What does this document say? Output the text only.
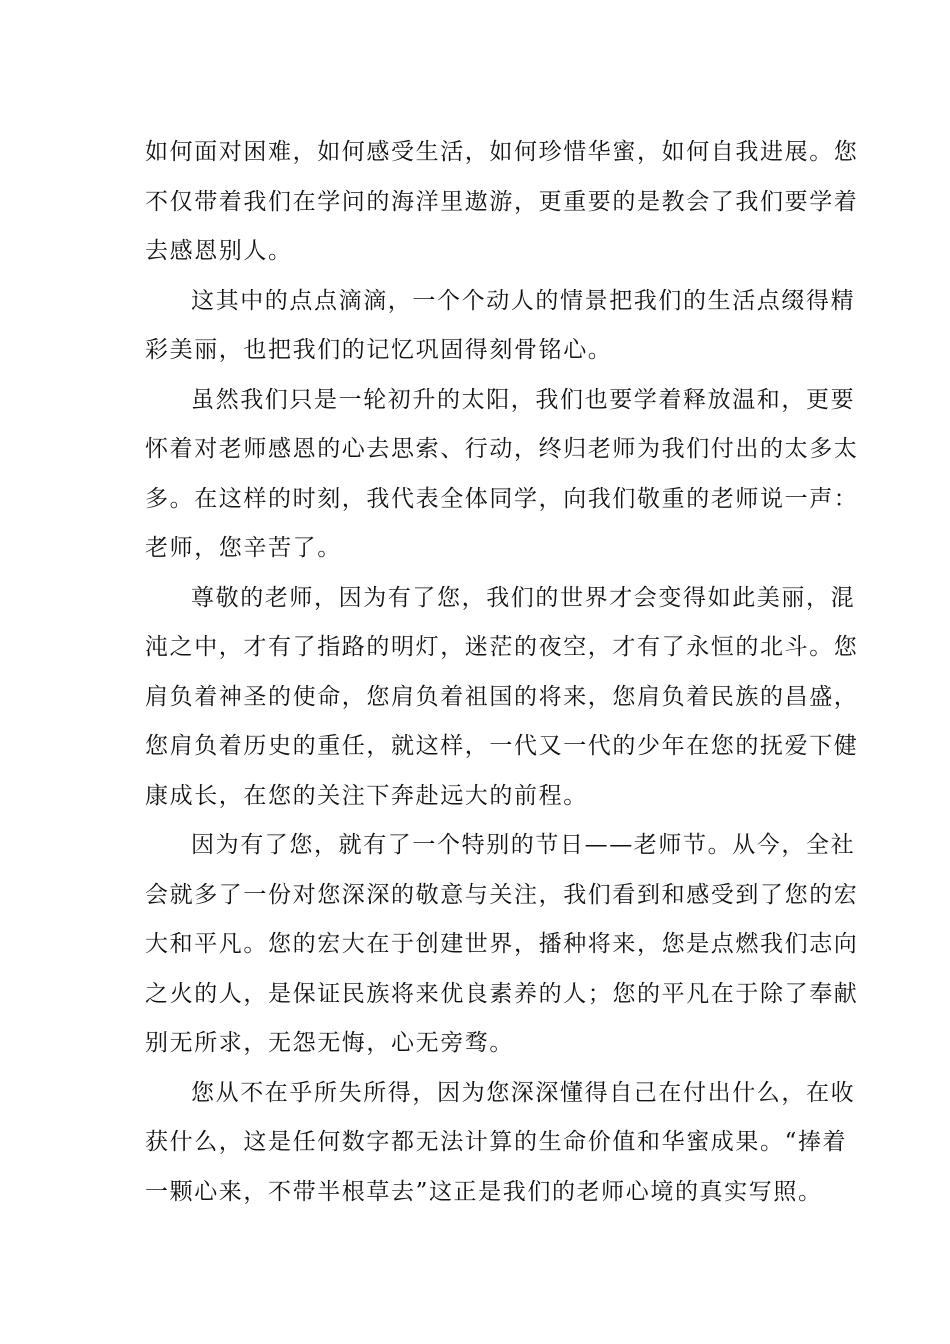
如何面对困难，如何感受生活，如何珍惜华蜜，如何自我进展。您
不仅带着我们在学问的海洋里遨游，更重要的是教会了我们要学着
去感恩别人。
这其中的点点滴滴，一个个动人的情景把我们的生活点缀得精
彩美丽，也把我们的记忆巩固得刻骨铭心。
虽然我们只是一轮初升的太阳，我们也要学着释放温和，更要
怀着对老师感恩的心去思索、行动，终归老师为我们付出的太多太
多。在这样的时刻，我代表全体同学，向我们敬重的老师说一声：
老师，您辛苦了。
尊敬的老师，因为有了您，我们的世界才会变得如此美丽，混
沌之中，才有了指路的明灯，迷茫的夜空，才有了永恒的北斗。您
肩负着神圣的使命，您肩负着祖国的将来，您肩负着民族的昌盛，
您肩负着历史的重任，就这样，一代又一代的少年在您的抚爱下健
康成长，在您的关注下奔赴远大的前程。
因为有了您，就有了一个特别的节日——老师节。从今，全社
会就多了一份对您深深的敬意与关注，我们看到和感受到了您的宏
大和平凡。您的宏大在于创建世界，播种将来，您是点燃我们志向
之火的人，是保证民族将来优良素养的人；您的平凡在于除了奉献
别无所求，无怨无悔，心无旁骛。
您从不在乎所失所得，因为您深深懂得自己在付出什么，在收
获什么，这是任何数字都无法计算的生命价值和华蜜成果。“捧着
一颗心来，不带半根草去”这正是我们的老师心境的真实写照。
